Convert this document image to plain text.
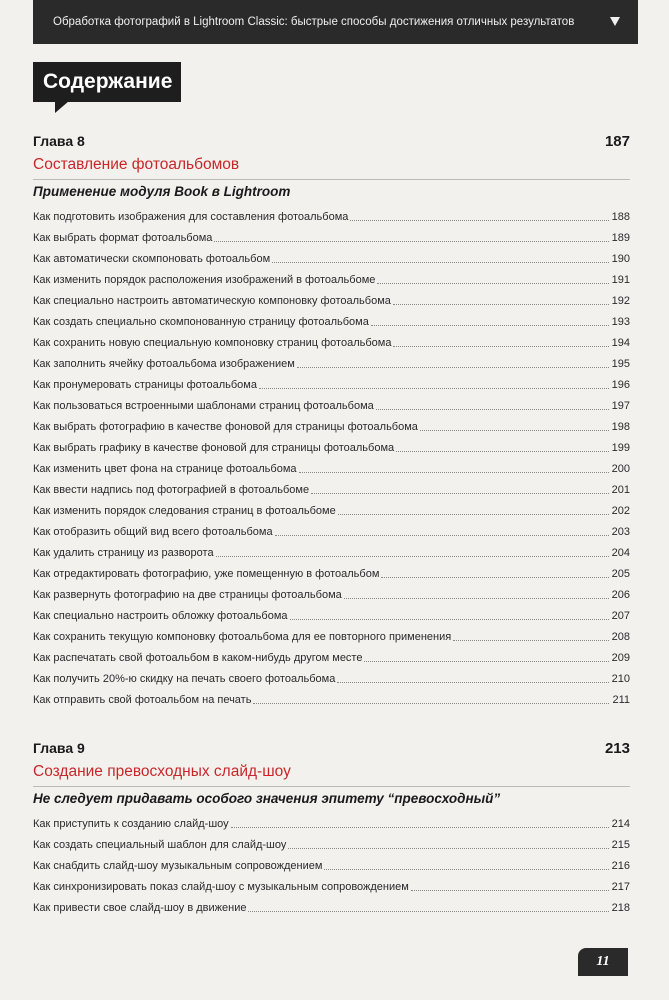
Обработка фотографий в Lightroom Classic: быстрые способы достижения отличных результатов
Содержание
Глава 8	187
Составление фотоальбомов
Применение модуля Book в Lightroom
Как подготовить изображения для составления фотоальбома	188
Как выбрать формат фотоальбома	189
Как автоматически скомпоновать фотоальбом	190
Как изменить порядок расположения изображений в фотоальбоме	191
Как специально настроить автоматическую компоновку фотоальбома	192
Как создать специально скомпонованную страницу фотоальбома	193
Как сохранить новую специальную компоновку страниц фотоальбома	194
Как заполнить ячейку фотоальбома изображением	195
Как пронумеровать страницы фотоальбома	196
Как пользоваться встроенными шаблонами страниц фотоальбома	197
Как выбрать фотографию в качестве фоновой для страницы фотоальбома	198
Как выбрать графику в качестве фоновой для страницы фотоальбома	199
Как изменить цвет фона на странице фотоальбома	200
Как ввести надпись под фотографией в фотоальбоме	201
Как изменить порядок следования страниц в фотоальбоме	202
Как отобразить общий вид всего фотоальбома	203
Как удалить страницу из разворота	204
Как отредактировать фотографию, уже помещенную в фотоальбом	205
Как развернуть фотографию на две страницы фотоальбома	206
Как специально настроить обложку фотоальбома	207
Как сохранить текущую компоновку фотоальбома для ее повторного применения	208
Как распечатать свой фотоальбом в каком-нибудь другом месте	209
Как получить 20%-ю скидку на печать своего фотоальбома	210
Как отправить свой фотоальбом на печать	211
Глава 9	213
Создание превосходных слайд-шоу
Не следует придавать особого значения эпитету “превосходный”
Как приступить к созданию слайд-шоу	214
Как создать специальный шаблон для слайд-шоу	215
Как снабдить слайд-шоу музыкальным сопровождением	216
Как синхронизировать показ слайд-шоу с музыкальным сопровождением	217
Как привести свое слайд-шоу в движение	218
11
